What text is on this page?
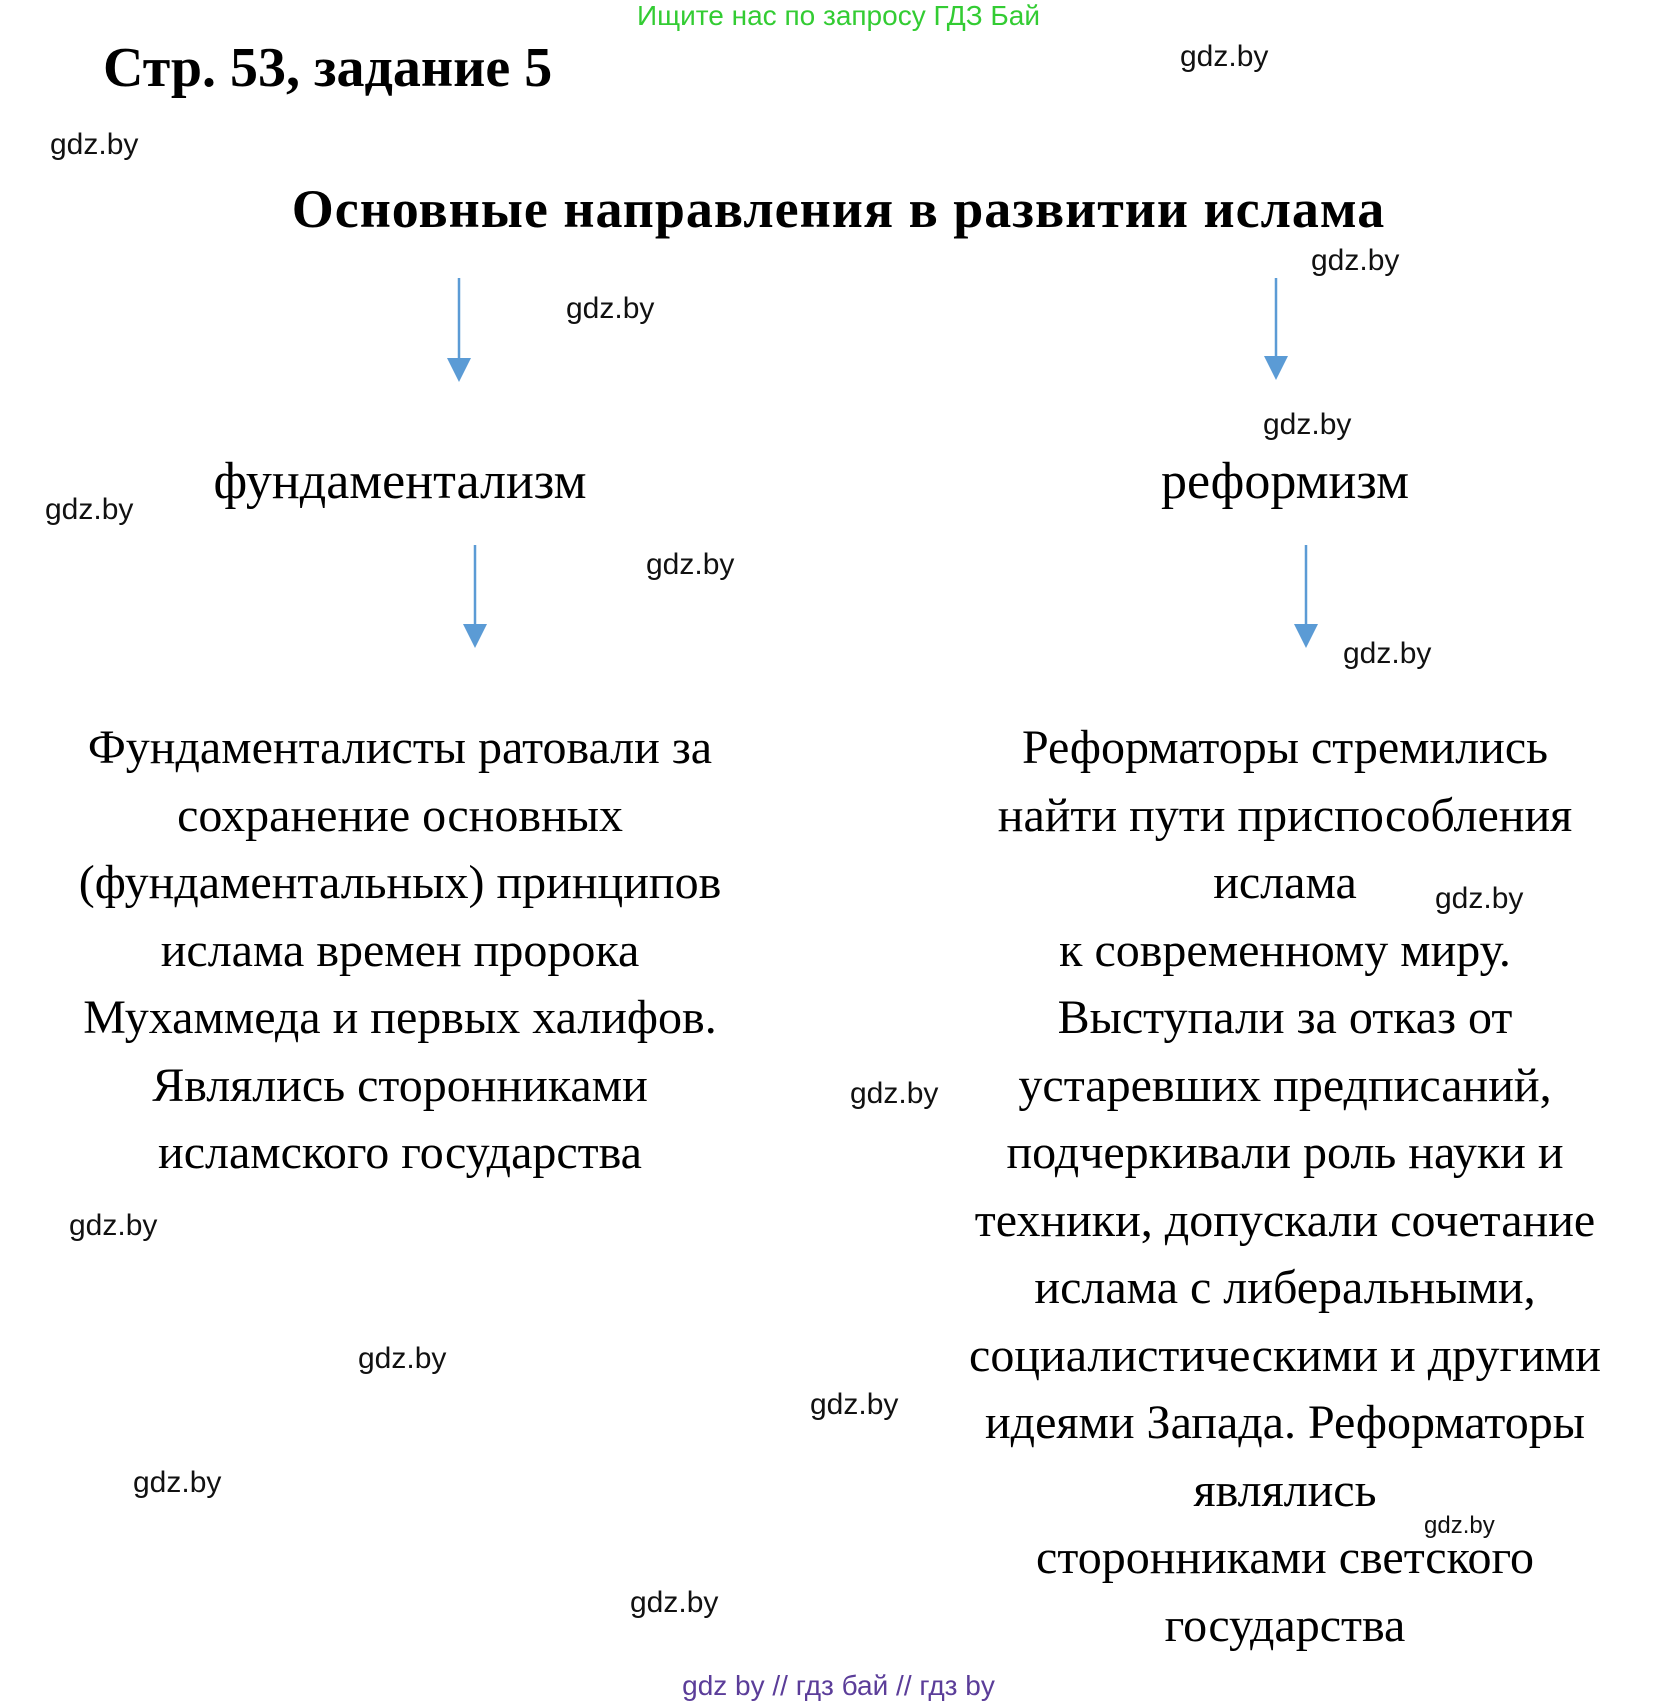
Ищите нас по запросу ГДЗ Бай
Стр. 53, задание 5
Основные направления в развитии ислама
фундаментализм	реформизм
Фундаменталисты ратовали за
сохранение основных
(фундаментальных) принципов
ислама времен пророка
Мухаммеда и первых халифов.
Являлись сторонниками
исламского государства
Реформаторы стремились
найти пути приспособления
ислама
к современному миру.
Выступали за отказ от
устаревших предписаний,
подчеркивали роль науки и
техники, допускали сочетание
ислама с либеральными,
социалистическими и другими
идеями Запада. Реформаторы
являлись
сторонниками светского
государства
gdz.by
gdz.by
gdz.by
gdz.by
gdz.by
gdz.by
gdz.by
gdz.by
gdz.by
gdz.by
gdz.by
gdz.by
gdz.by
gdz.by
gdz.by
gdz.by
gdz by // гдз бай // гдз by
